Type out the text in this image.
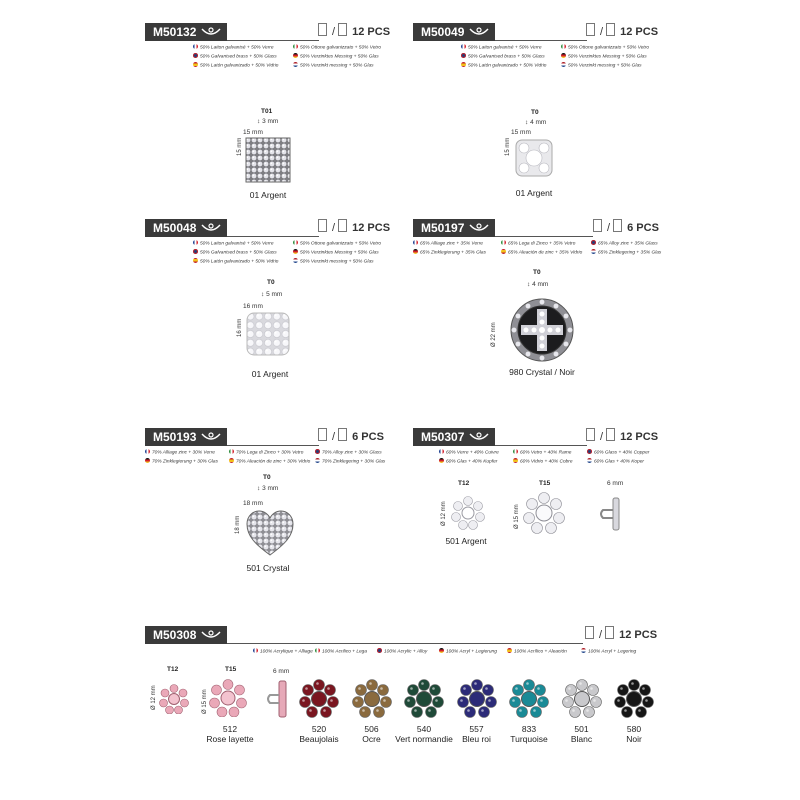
M50132	/ 12 PCS
50% Laiton galvanisé + 50% Verre	50% Ottone galvanizzato + 50% Vetro
50% Galvanised brass + 50% Glass	50% Verzinktes Messing + 50% Glas
50% Latón galvanizado + 50% Vidrio	50% Verzinkt messing + 50% Glas
T01
↕ 3 mm
15 mm
15 mm
01 Argent
M50049	/ 12 PCS
50% Laiton galvanisé + 50% Verre	50% Ottone galvanizzato + 50% Vetro
50% Galvanised brass + 50% Glass	50% Verzinktes Messing + 50% Glas
50% Latón galvanizado + 50% Vidrio	50% Verzinkt messing + 50% Glas
T0
↕ 4 mm
15 mm
15 mm
01 Argent
M50048	/ 12 PCS
50% Laiton galvanisé + 50% Verre	50% Ottone galvanizzato + 50% Vetro
50% Galvanised brass + 50% Glass	50% Verzinktes Messing + 50% Glas
50% Latón galvanizado + 50% Vidrio	50% Verzinkt messing + 50% Glas
T0
↕ 5 mm
16 mm
16 mm
01 Argent
M50197	/ 6 PCS
65% Alliage zinc + 35% Verre	65% Lega di Zinco + 35% Vetro	65% Alloy zinc + 35% Glass
65% Zinklegierung + 35% Glas	65% Aleación de zinc + 35% Vidrio	65% Zinklegering + 35% Glas
T0
↕ 4 mm
Ø 22 mm
980 Crystal / Noir
M50193	/ 6 PCS
70% Alliage zinc + 30% Verre	70% Lega di Zinco + 30% Vetro	70% Alloy zinc + 30% Glass
70% Zinklegierung + 30% Glas	70% Aleación de zinc + 30% Vidrio 70% Zinklegering + 30% Glas
T0
↕ 3 mm
18 mm
18 mm
501 Crystal
M50307	/ 12 PCS
60% Verre + 40% Cuivre	60% Vetro + 40% Rame	60% Glass + 40% Copper
60% Glas + 40% Kupfer	60% Vidrio + 40% Cobre	60% Glas + 40% Koper
T12	T15	6 mm
Ø 12 mm	Ø 15 mm
501 Argent
M50308	/ 12 PCS
100% Acrylique + Alliage 100% Acrilico + Lega	100% Acrylic + Alloy	100% Acryl + Legierung	100% Acrílico + Aleación	100% Acryl + Legering
T12	T15	6 mm
Ø 12 mm	Ø 15 mm
512
Rose layette
520
Beaujolais
506
Ocre
540
Vert normandie
557
Bleu roi
833
Turquoise
501
Blanc
580
Noir
